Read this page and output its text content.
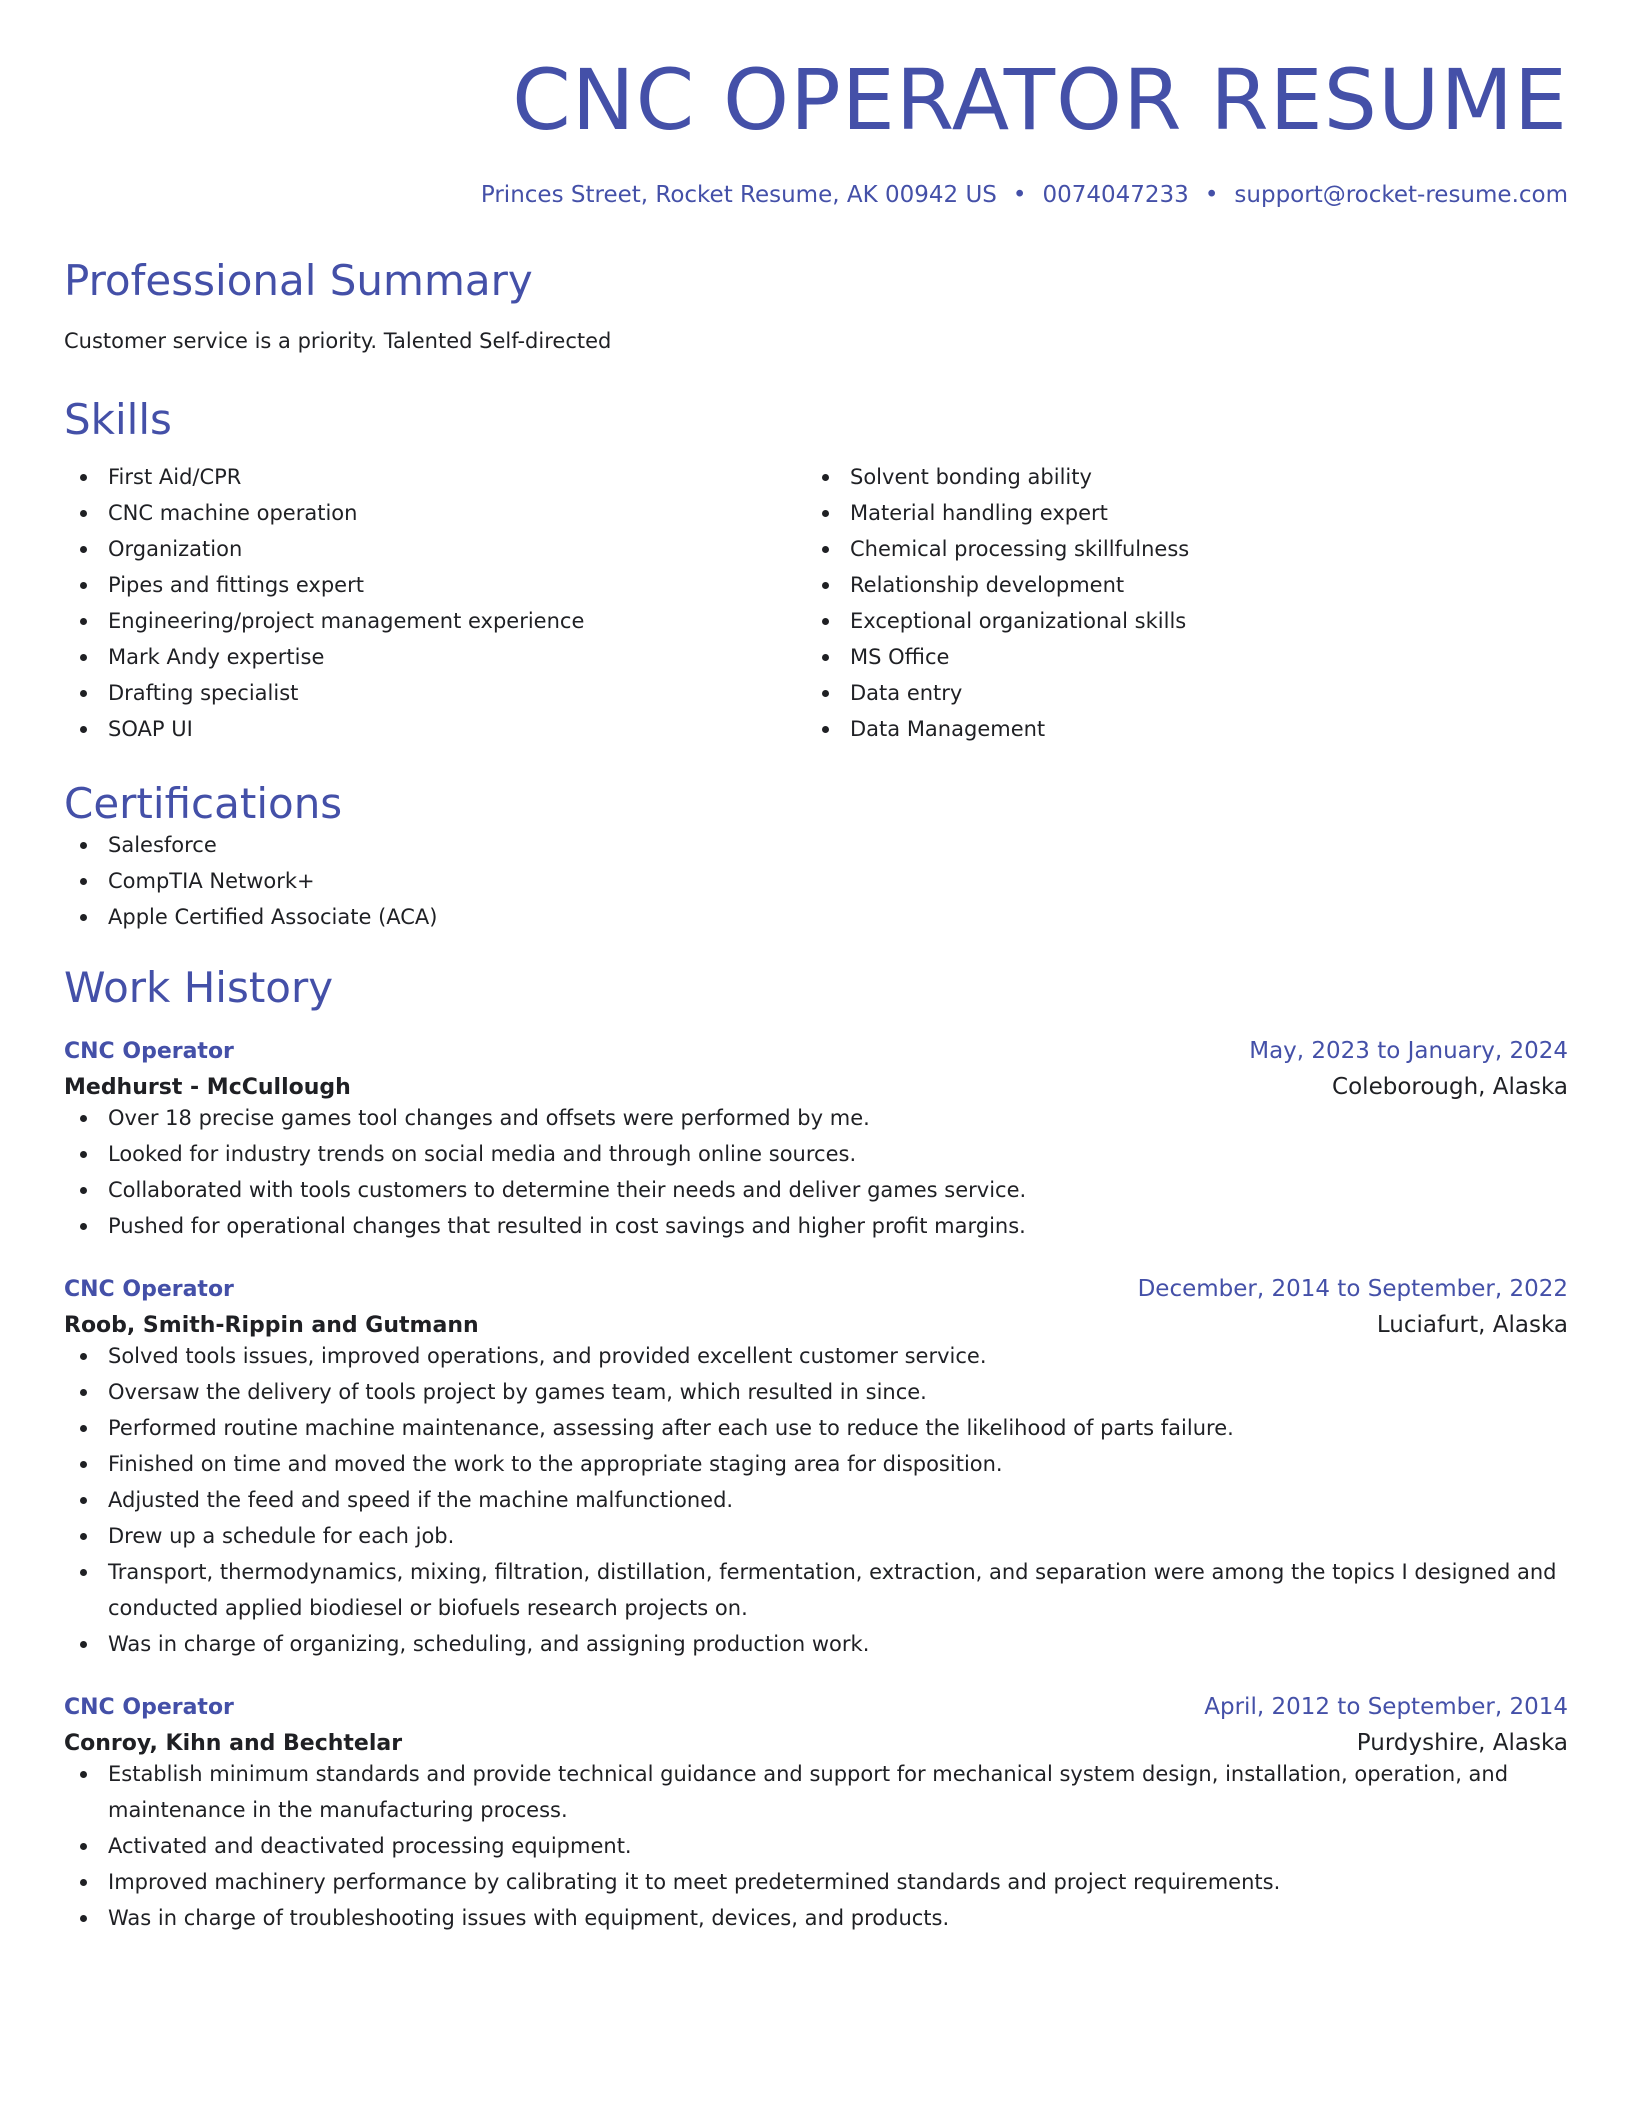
CNC OPERATOR RESUME
Princes Street, Rocket Resume, AK 00942 US • 0074047233 • support@rocket-resume.com
Professional Summary
Customer service is a priority. Talented Self-directed
Skills
First Aid/CPR
CNC machine operation
Organization
Pipes and fittings expert
Engineering/project management experience
Mark Andy expertise
Drafting specialist
SOAP UI
Solvent bonding ability
Material handling expert
Chemical processing skillfulness
Relationship development
Exceptional organizational skills
MS Office
Data entry
Data Management
Certifications
Salesforce
CompTIA Network+
Apple Certified Associate (ACA)
Work History
CNC Operator	May, 2023 to January, 2024
Medhurst - McCullough	Coleborough, Alaska
Over 18 precise games tool changes and offsets were performed by me.
Looked for industry trends on social media and through online sources.
Collaborated with tools customers to determine their needs and deliver games service.
Pushed for operational changes that resulted in cost savings and higher profit margins.
CNC Operator	December, 2014 to September, 2022
Roob, Smith-Rippin and Gutmann	Luciafurt, Alaska
Solved tools issues, improved operations, and provided excellent customer service.
Oversaw the delivery of tools project by games team, which resulted in since.
Performed routine machine maintenance, assessing after each use to reduce the likelihood of parts failure.
Finished on time and moved the work to the appropriate staging area for disposition.
Adjusted the feed and speed if the machine malfunctioned.
Drew up a schedule for each job.
Transport, thermodynamics, mixing, filtration, distillation, fermentation, extraction, and separation were among the topics I designed and conducted applied biodiesel or biofuels research projects on.
Was in charge of organizing, scheduling, and assigning production work.
CNC Operator	April, 2012 to September, 2014
Conroy, Kihn and Bechtelar	Purdyshire, Alaska
Establish minimum standards and provide technical guidance and support for mechanical system design, installation, operation, and maintenance in the manufacturing process.
Activated and deactivated processing equipment.
Improved machinery performance by calibrating it to meet predetermined standards and project requirements.
Was in charge of troubleshooting issues with equipment, devices, and products.
